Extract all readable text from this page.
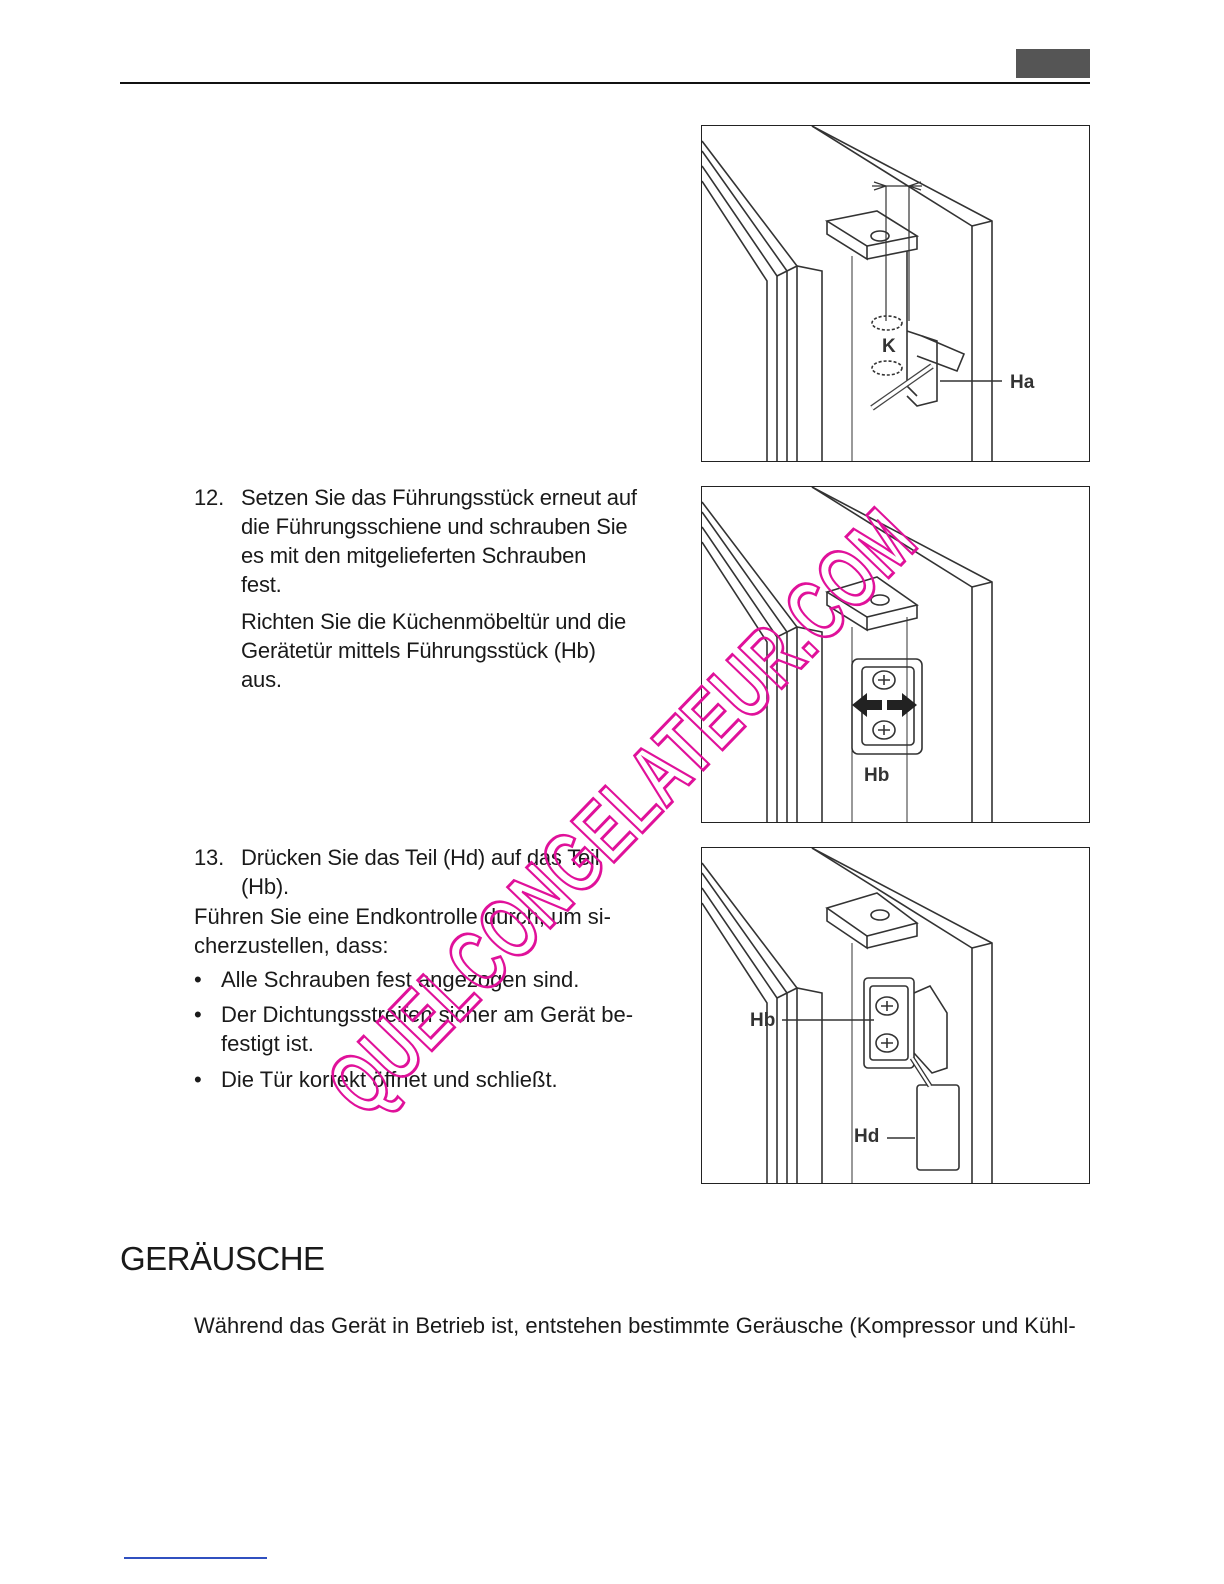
K
Ha
Hb
Hb
Hd
12. Setzen Sie das Führungsstück erneut auf
die Führungsschiene und schrauben Sie
es mit den mitgelieferten Schrauben
fest.
Richten Sie die Küchenmöbeltür und die
Gerätetür mittels Führungsstück (Hb)
aus.
13. Drücken Sie das Teil (Hd) auf das Teil
(Hb).
Führen Sie eine Endkontrolle durch, um si-
cherzustellen, dass:
• Alle Schrauben fest angezogen sind.
• Der Dichtungsstreifen sicher am Gerät be-
festigt ist.
• Die Tür korrekt öffnet und schließt.
GERÄUSCHE
Während das Gerät in Betrieb ist, entstehen bestimmte Geräusche (Kompressor und Kühl-
QUELCONGELATEUR.COM
